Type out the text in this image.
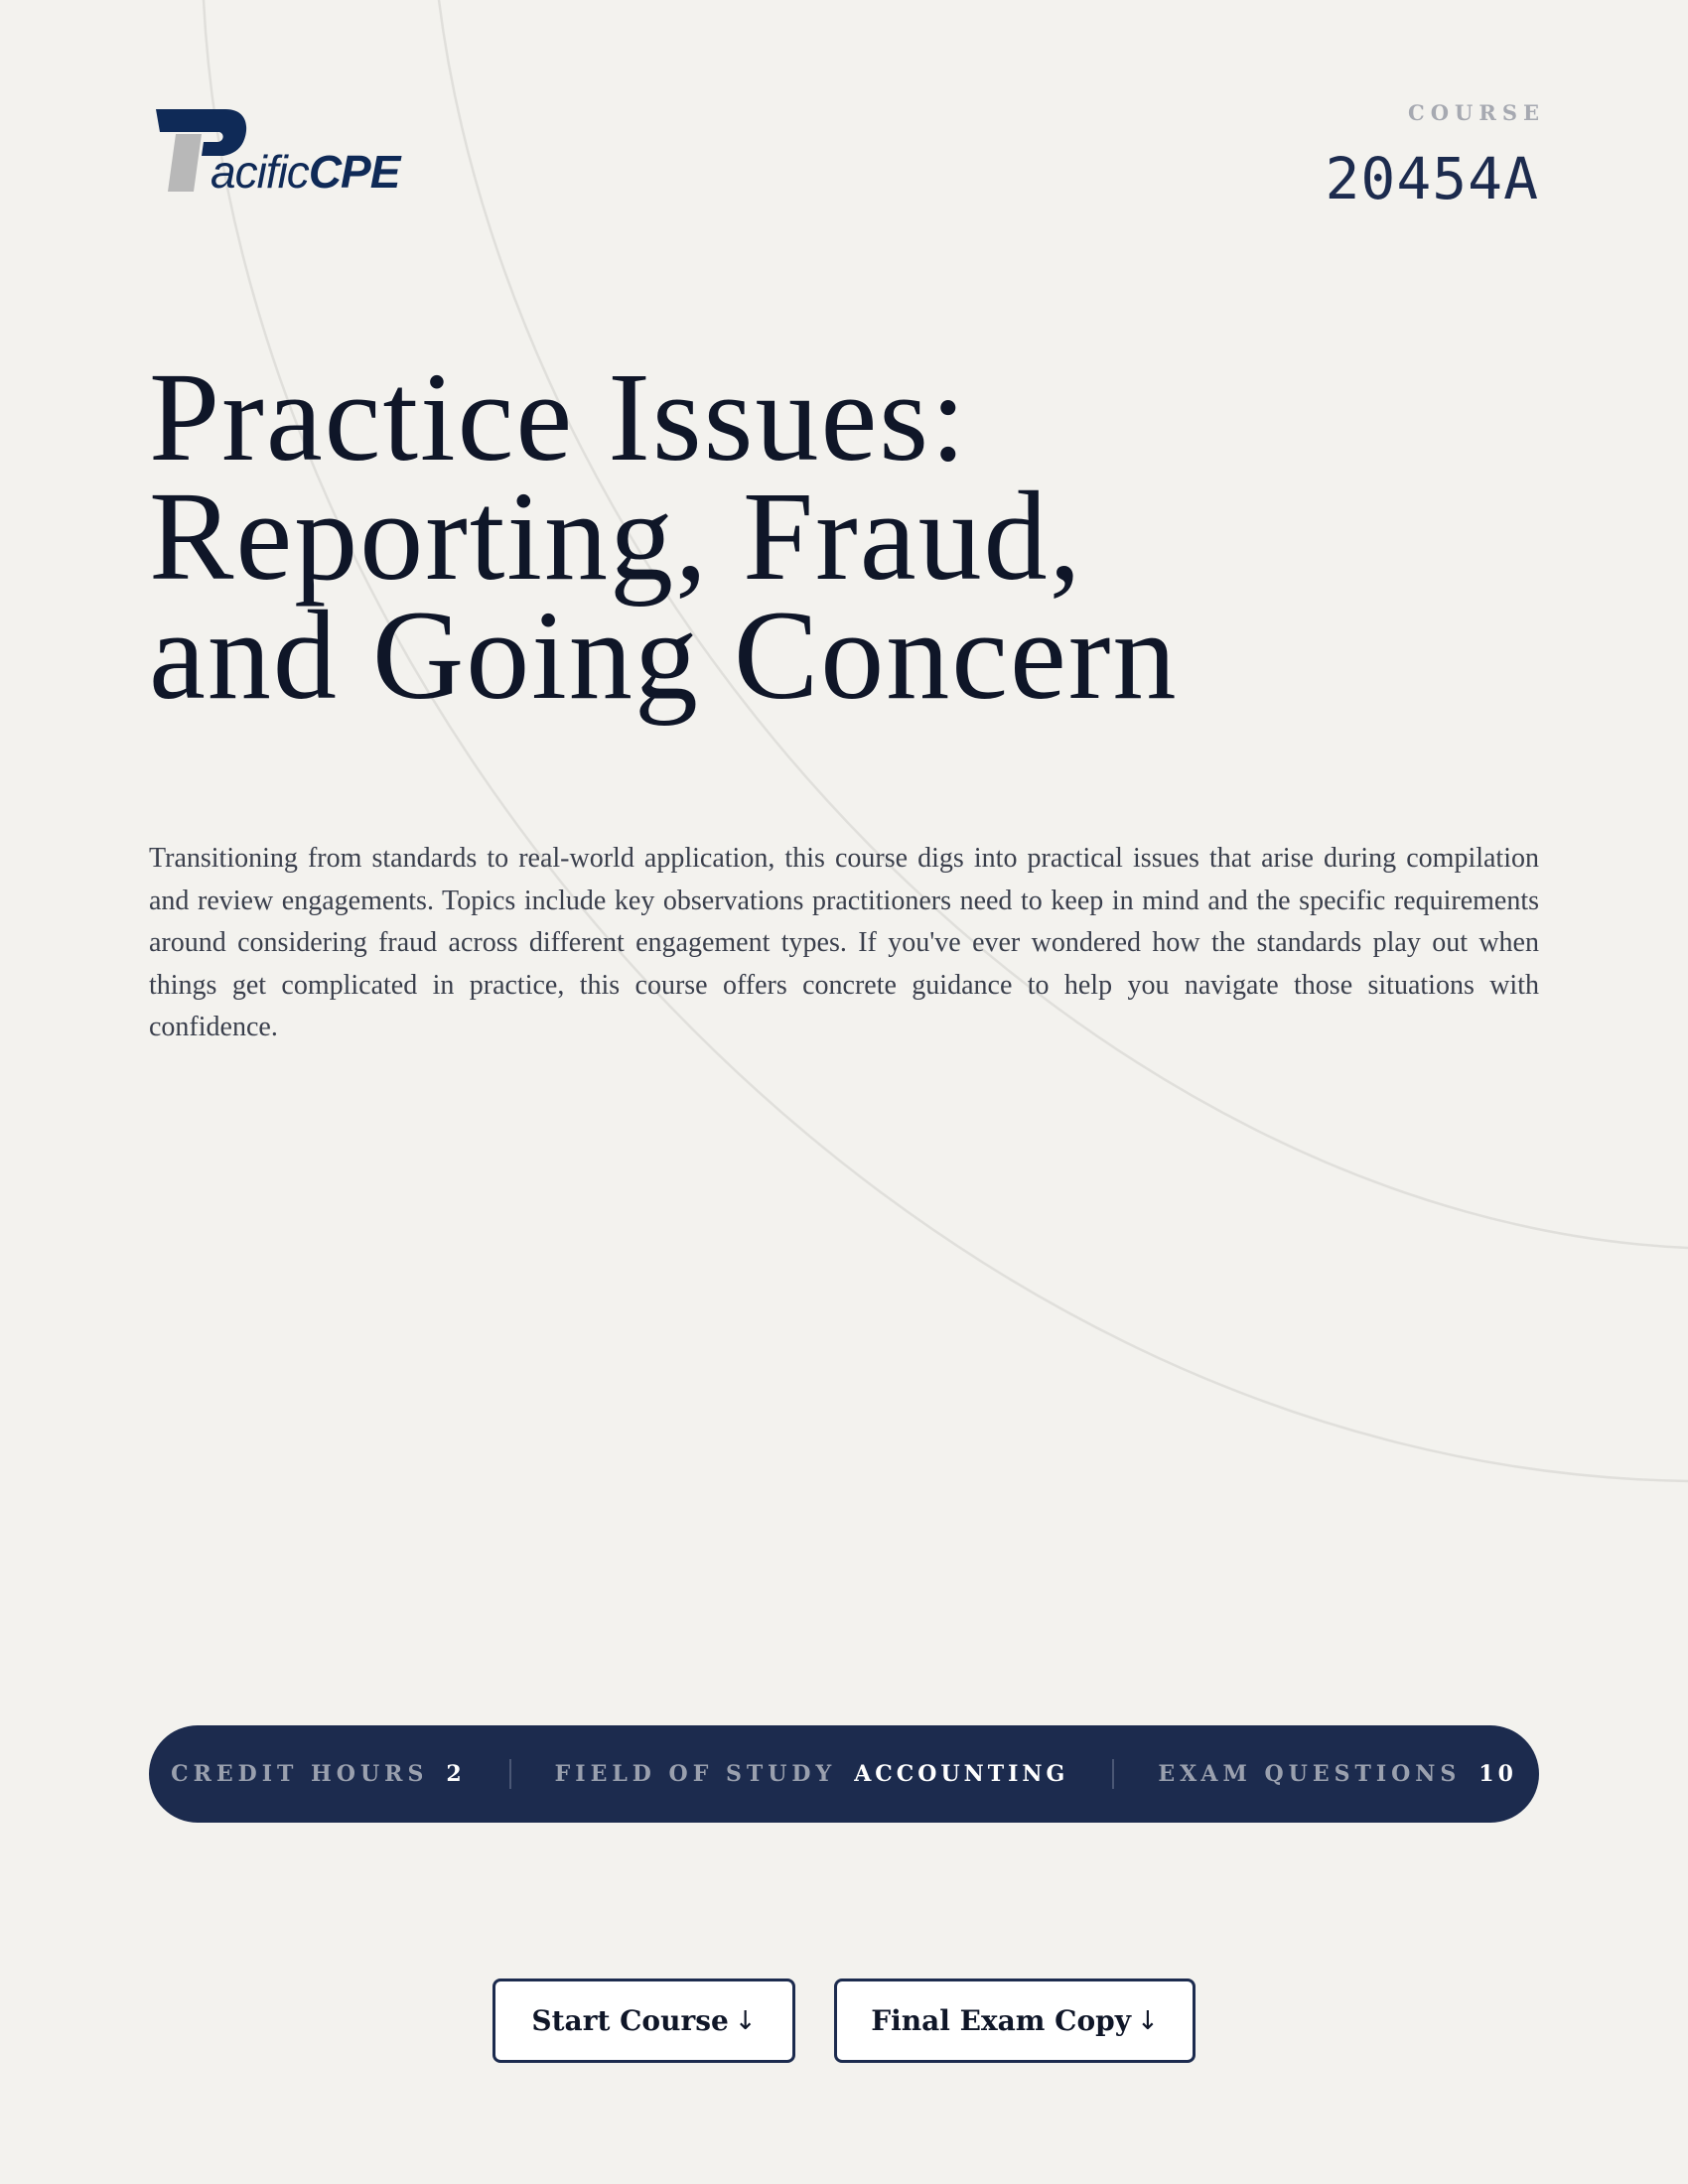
acificCPE
COURSE
20454A
Practice Issues:
Reporting, Fraud,
and Going Concern

Transitioning from standards to real-world application, this course digs into practical issues that arise during compilation and review engagements. Topics include key observations practitioners need to keep in mind and the specific requirements around considering fraud across different engagement types. If you've ever wondered how the standards play out when things get complicated in practice, this course offers concrete guidance to help you navigate those situations with confidence.

CREDIT HOURS 2	FIELD OF STUDY ACCOUNTING	EXAM QUESTIONS 10
Start Course ↓	Final Exam Copy ↓
